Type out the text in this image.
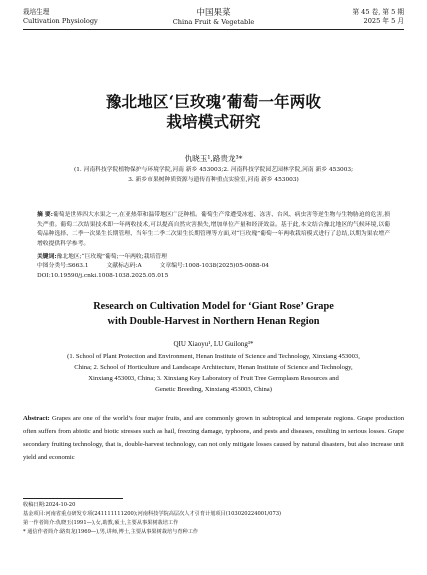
栽培生理
Cultivation Physiology
中国果菜
China Fruit & Vegetable
第 45 卷, 第 5 期
2025 年 5 月
豫北地区‘巨玫瑰’葡萄一年两收
栽培模式研究
仇晓玉¹,路贵龙³*
(1. 河南科技学院植物保护与环境学院,河南 新乡 453003;2. 河南科技学院园艺园林学院,河南 新乡 453003;
3. 新乡市果树种质资源与遗传育种重点实验室,河南 新乡 453003)
摘 要:葡萄是世界四大水果之一,在亚热带和温带地区广泛种植。葡萄生产常遭受冰雹、冻害、台风、病虫害等逆生物与生物胁迫的危害,损失严重。葡萄二次结果技术即一年两收技术,可以提高自然灾害损失,增加单位产量和经济效益。基于此,本文结合豫北地区的气候环境,以葡萄品种选择、二季一次果生长期管理、当年生二季二次果生长期管理等方面,对“巨玫瑰”葡萄一年两收栽培模式进行了总结,以期为果农增产增收提供科学参考。
关键词:豫北地区;“巨玫瑰”葡萄;一年两收;栽培管理
中图分类号:S663.1	文献标志码:A	文章编号:1008-1038(2025)05-0088-04
DOI:10.19590/j.cnki.1008-1038.2025.05.015
Research on Cultivation Model for ‘Giant Rose’ Grape
with Double-Harvest in Northern Henan Region
QIU Xiaoyu¹, LU Guilong³*
(1. School of Plant Protection and Environment, Henan Institute of Science and Technology, Xinxiang 453003,
China; 2. School of Horticulture and Landscape Architecture, Henan Institute of Science and Technology,
Xinxiang 453003, China; 3. Xinxiang Key Laboratory of Fruit Tree Germplasm Resources and
Genetic Breeding, Xinxiang 453003, China)
Abstract: Grapes are one of the world’s four major fruits, and are commonly grown in subtropical and temperate regions. Grape production often suffers from abiotic and biotic stresses such as hail, freezing damage, typhoons, and pests and diseases, resulting in serious losses. Grape secondary fruiting technology, that is, double-harvest technology, can not only mitigate losses caused by natural disasters, but also increase unit yield and economic
收稿日期:2024-10-20
基金项目:河南省重点研发专项(241111111200);河南科技学院高层次人才引育计划项目(103020224001/073)
第一作者简介:仇晓玉(1991—),女,助教,硕士,主要从事果树栽培工作
* 通信作者简介:路贵龙(1969—),男,讲师,博士,主要从事果树栽培与育种工作
